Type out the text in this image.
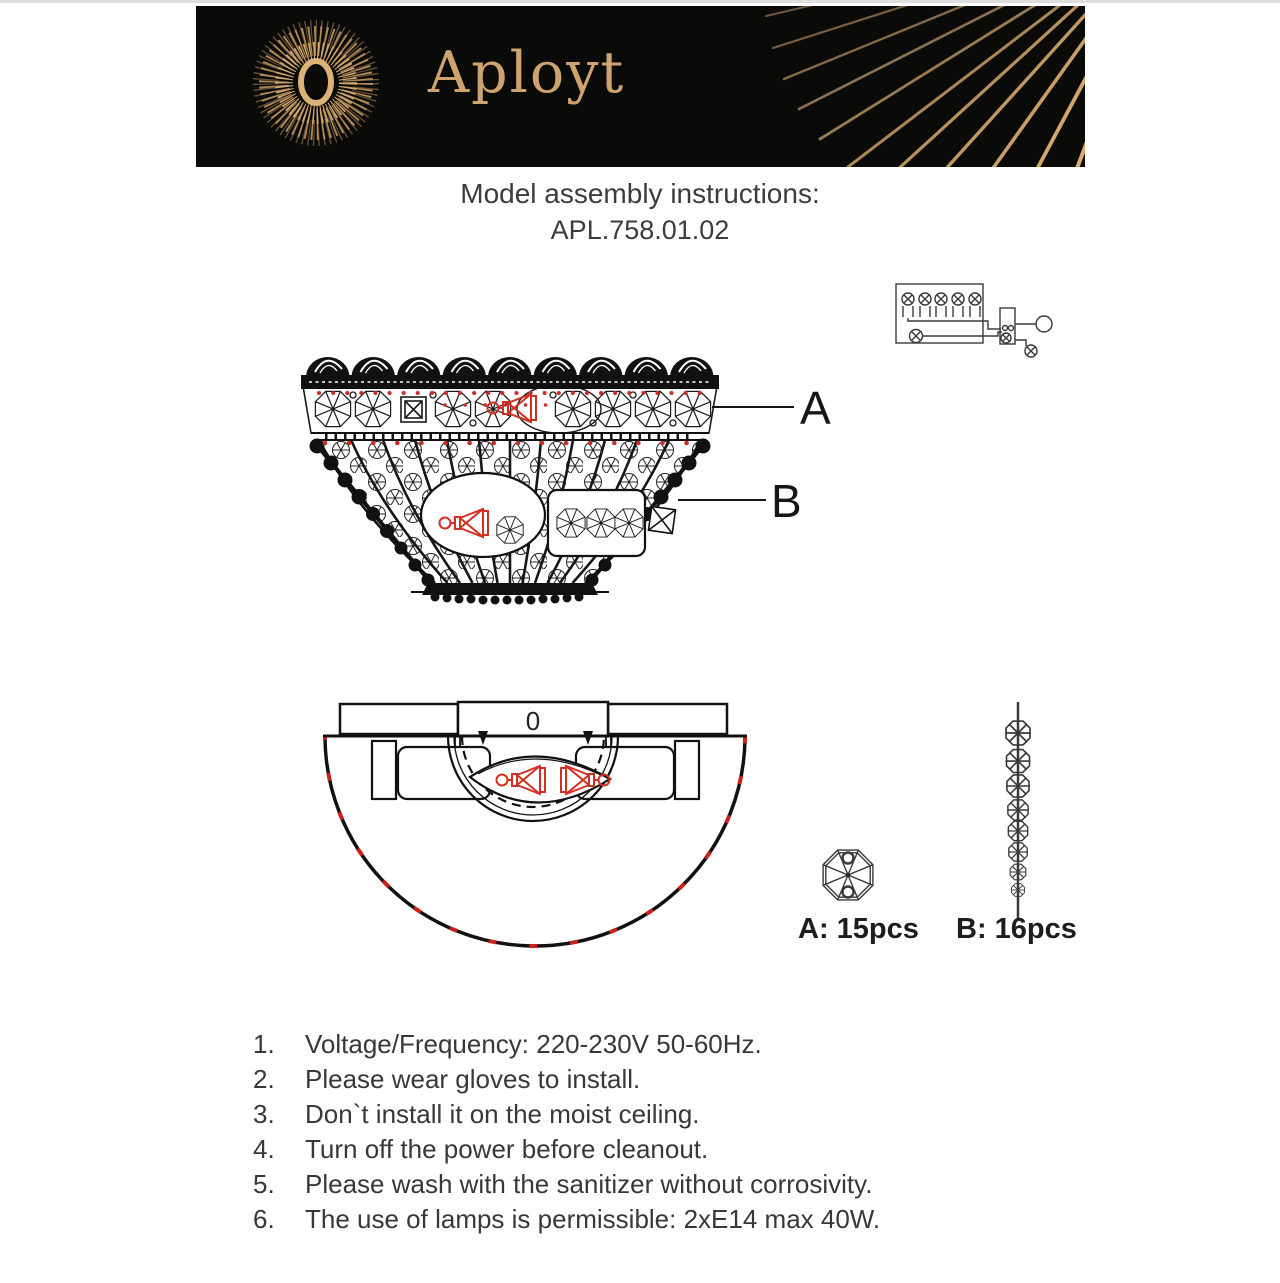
Aployt
Model assembly instructions:
APL.758.01.02
A
B
0
A: 15pcs B: 16pcs
1.	Voltage/Frequency: 220-230V 50-60Hz.
2.	Please wear gloves to install.
3.	Don`t install it on the moist ceiling.
4.	Turn off the power before cleanout.
5.	Please wash with the sanitizer without corrosivity.
6.	The use of lamps is permissible: 2xE14 max 40W.
